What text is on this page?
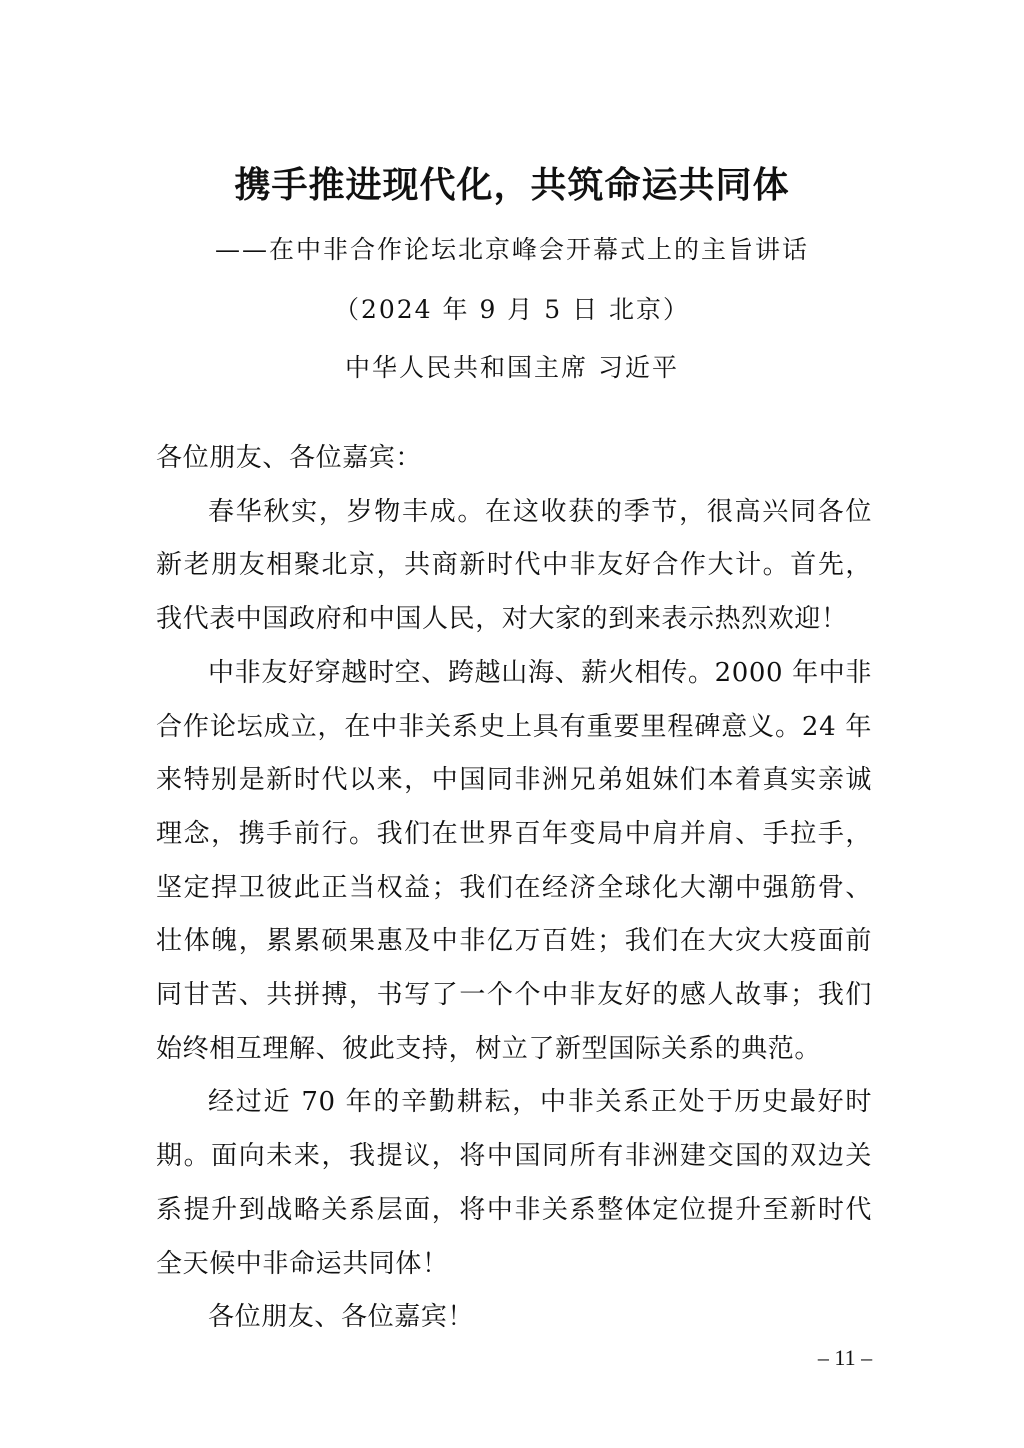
携手推进现代化，共筑命运共同体
——在中非合作论坛北京峰会开幕式上的主旨讲话
（2024 年 9 月 5 日 北京）
中华人民共和国主席 习近平

各位朋友、各位嘉宾：

春华秋实，岁物丰成。在这收获的季节，很高兴同各位新老朋友相聚北京，共商新时代中非友好合作大计。首先，我代表中国政府和中国人民，对大家的到来表示热烈欢迎！

中非友好穿越时空、跨越山海、薪火相传。2000 年中非合作论坛成立，在中非关系史上具有重要里程碑意义。24 年来特别是新时代以来，中国同非洲兄弟姐妹们本着真实亲诚理念，携手前行。我们在世界百年变局中肩并肩、手拉手，坚定捍卫彼此正当权益；我们在经济全球化大潮中强筋骨、壮体魄，累累硕果惠及中非亿万百姓；我们在大灾大疫面前同甘苦、共拼搏，书写了一个个中非友好的感人故事；我们始终相互理解、彼此支持，树立了新型国际关系的典范。

经过近 70 年的辛勤耕耘，中非关系正处于历史最好时期。面向未来，我提议，将中国同所有非洲建交国的双边关系提升到战略关系层面，将中非关系整体定位提升至新时代全天候中非命运共同体！

各位朋友、各位嘉宾！

– 11 –
